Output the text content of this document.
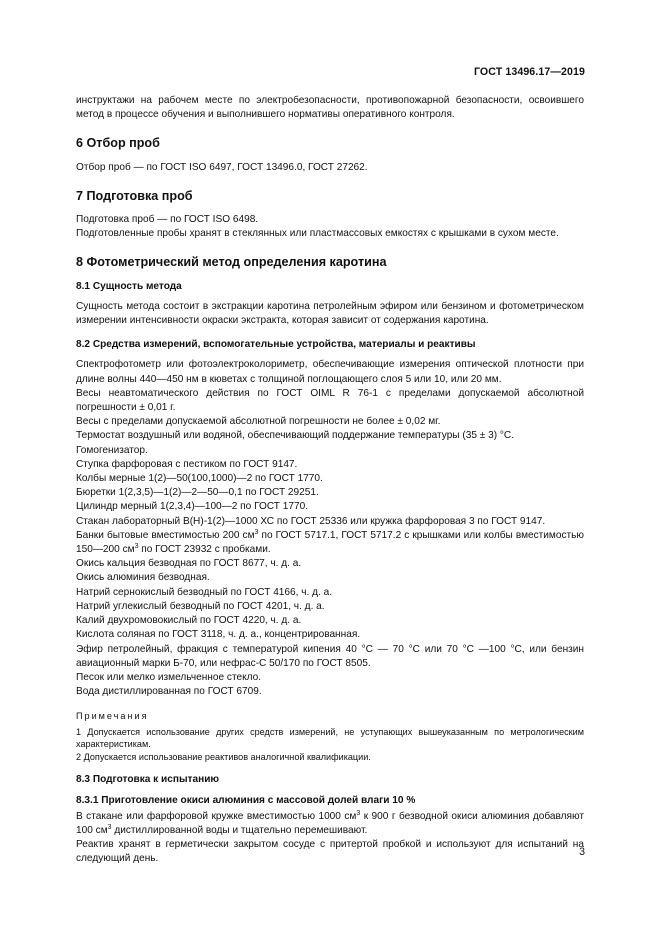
ГОСТ 13496.17—2019

инструктажи на рабочем месте по электробезопасности, противопожарной безопасности, освоившего метод в процессе обучения и выполнившего нормативы оперативного контроля.

6 Отбор проб

Отбор проб — по ГОСТ ISO 6497, ГОСТ 13496.0, ГОСТ 27262.

7 Подготовка проб

Подготовка проб — по ГОСТ ISO 6498.

Подготовленные пробы хранят в стеклянных или пластмассовых емкостях с крышками в сухом месте.

8 Фотометрический метод определения каротина
8.1 Сущность метода

Сущность метода состоит в экстракции каротина петролейным эфиром или бензином и фотометрическом измерении интенсивности окраски экстракта, которая зависит от содержания каротина.

8.2 Средства измерений, вспомогательные устройства, материалы и реактивы

Спектрофотометр или фотоэлектроколориметр, обеспечивающие измерения оптической плотности при длине волны 440—450 нм в кюветах с толщиной поглощающего слоя 5 или 10, или 20 мм.

Весы неавтоматического действия по ГОСТ OIML R 76-1 с пределами допускаемой абсолютной погрешности ± 0,01 г.

Весы с пределами допускаемой абсолютной погрешности не более ± 0,02 мг.

Термостат воздушный или водяной, обеспечивающий поддержание температуры (35 ± 3) °С.

Гомогенизатор.

Ступка фарфоровая с пестиком по ГОСТ 9147.

Колбы мерные 1(2)—50(100,1000)—2 по ГОСТ 1770.

Бюретки 1(2,3,5)—1(2)—2—50—0,1 по ГОСТ 29251.

Цилиндр мерный 1(2,3,4)—100—2 по ГОСТ 1770.

Стакан лабораторный В(Н)-1(2)—1000 ХС по ГОСТ 25336 или кружка фарфоровая 3 по ГОСТ 9147.

Банки бытовые вместимостью 200 $см^3$ по ГОСТ 5717.1, ГОСТ 5717.2 с крышками или колбы вместимостью 150—200 $см^3$ по ГОСТ 23932 с пробками.

Окись кальция безводная по ГОСТ 8677, ч. д. а.

Окись алюминия безводная.

Натрий сернокислый безводный по ГОСТ 4166, ч. д. а.

Натрий углекислый безводный по ГОСТ 4201, ч. д. а.

Калий двухромовокислый по ГОСТ 4220, ч. д. а.

Кислота соляная по ГОСТ 3118, ч. д. а., концентрированная.

Эфир петролейный, фракция с температурой кипения 40 °С — 70 °С или 70 °С —100 °С, или бензин авиационный марки Б-70, или нефрас-С 50/170 по ГОСТ 8505.

Песок или мелко измельченное стекло.

Вода дистиллированная по ГОСТ 6709.

Примечания

1 Допускается использование других средств измерений, не уступающих вышеуказанным по метрологическим характеристикам.

2 Допускается использование реактивов аналогичной квалификации.

8.3 Подготовка к испытанию
8.3.1 Приготовление окиси алюминия с массовой долей влаги 10 %

В стакане или фарфоровой кружке вместимостью 1000 $см^3$ к 900 г безводной окиси алюминия добавляют 100 $см^3$ дистиллированной воды и тщательно перемешивают.

Реактив хранят в герметически закрытом сосуде с притертой пробкой и используют для испытаний на следующий день.

3
